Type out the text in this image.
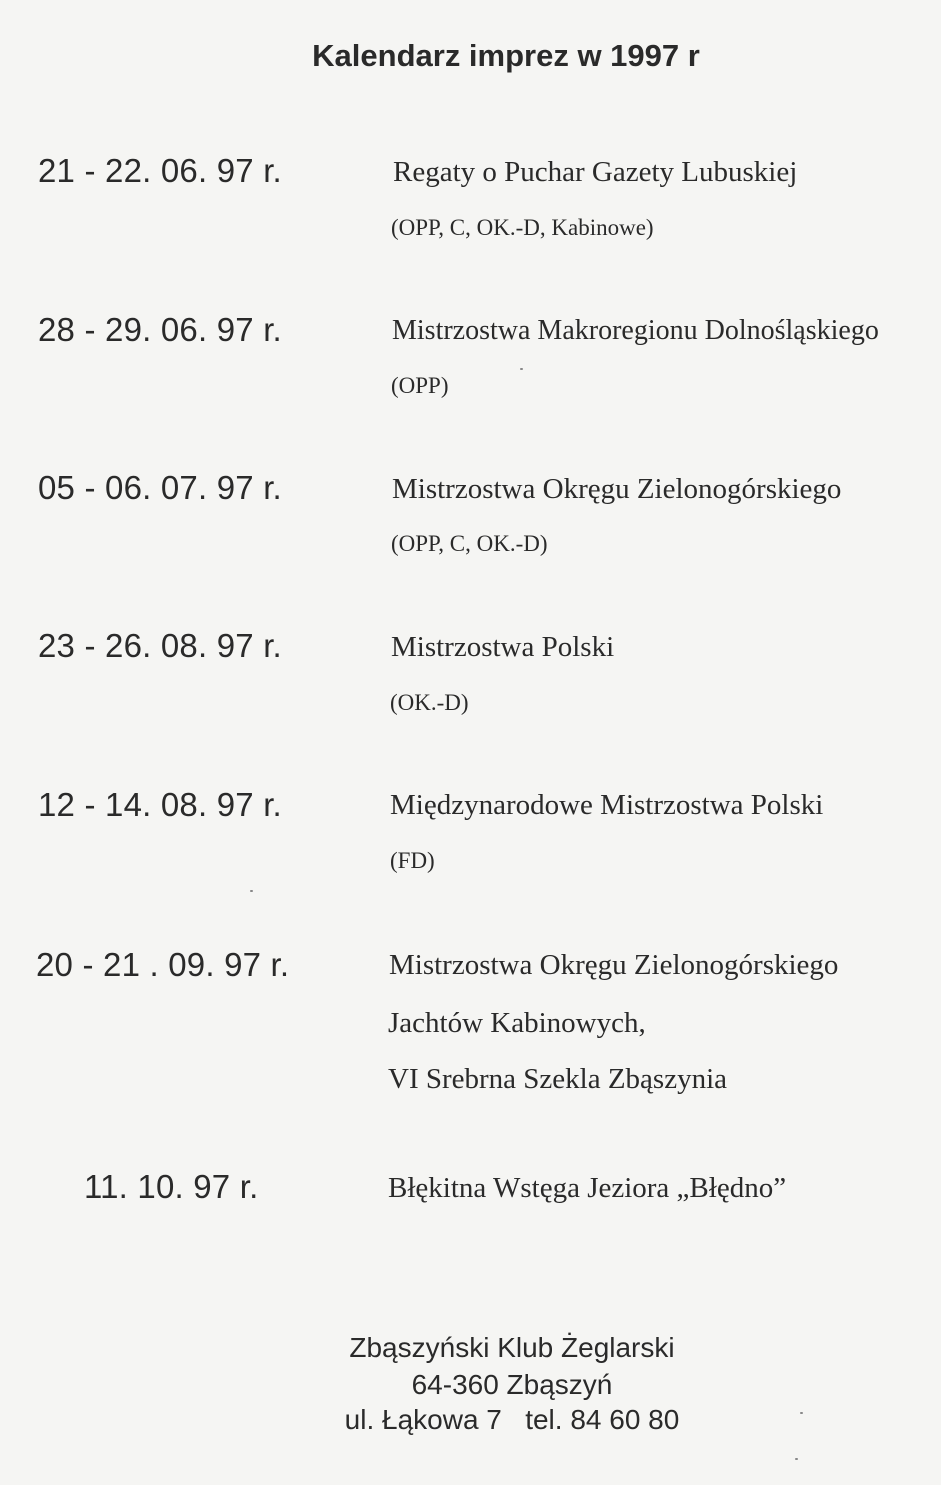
Kalendarz imprez w 1997 r
21 - 22. 06. 97 r.	Regaty o Puchar Gazety Lubuskiej
(OPP, C, OK.-D, Kabinowe)
28 - 29. 06. 97 r.	Mistrzostwa Makroregionu Dolnośląskiego
(OPP)
05 - 06. 07. 97 r.	Mistrzostwa Okręgu Zielonogórskiego
(OPP, C, OK.-D)
23 - 26. 08. 97 r.	Mistrzostwa Polski
(OK.-D)
12 - 14. 08. 97 r.	Międzynarodowe Mistrzostwa Polski
(FD)
20 - 21 . 09. 97 r.	Mistrzostwa Okręgu Zielonogórskiego
Jachtów Kabinowych,
VI Srebrna Szekla Zbąszynia
11. 10. 97 r.	Błękitna Wstęga Jeziora „Błędno”
Zbąszyński Klub Żeglarski
64-360 Zbąszyń
ul. Łąkowa 7   tel. 84 60 80
